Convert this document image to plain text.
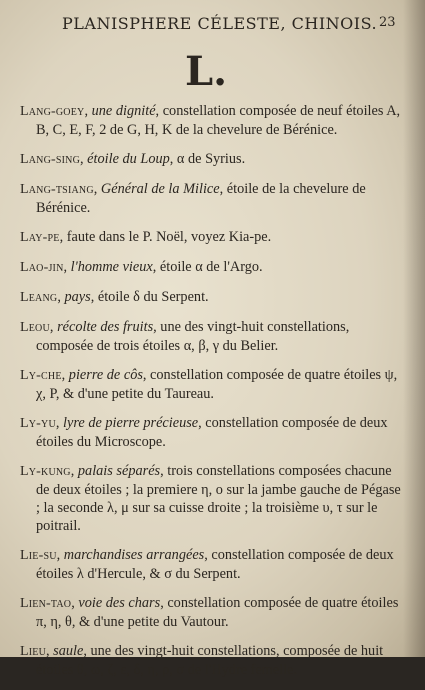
PLANISPHERE CÉLESTE, CHINOIS. 23
L.

Lang-goey, une dignité, constellation composée de neuf étoiles A, B, C, E, F, 2 de G, H, K de la chevelure de Bérénice.

Lang-sing, étoile du Loup, α de Syrius.

Lang-tsiang, Général de la Milice, étoile de la chevelure de Bérénice.

Lay-pe, faute dans le P. Noël, voyez Kia-pe.

Lao-jin, l'homme vieux, étoile α de l'Argo.

Leang, pays, étoile δ du Serpent.

Leou, récolte des fruits, une des vingt-huit constellations, composée de trois étoiles α, β, γ du Belier.

Ly-che, pierre de côs, constellation composée de quatre étoiles ψ, χ, P, & d'une petite du Taureau.

Ly-yu, lyre de pierre précieuse, constellation composée de deux étoiles du Microscope.

Ly-kung, palais séparés, trois constellations composées chacune de deux étoiles ; la premiere η, ο sur la jambe gauche de Pégase ; la seconde λ, μ sur sa cuisse droite ; la troisième υ, τ sur le poitrail.

Lie-su, marchandises arrangées, constellation composée de deux étoiles λ d'Hercule, & σ du Serpent.

Lien-tao, voie des chars, constellation composée de quatre étoiles π, η, θ, & d'une petite du Vautour.

Lieu, saule, une des vingt-huit constellations, composée de huit étoiles θ, ω, ζ, ε, δ, η, ρ, σ de l'Hydre femelle.
